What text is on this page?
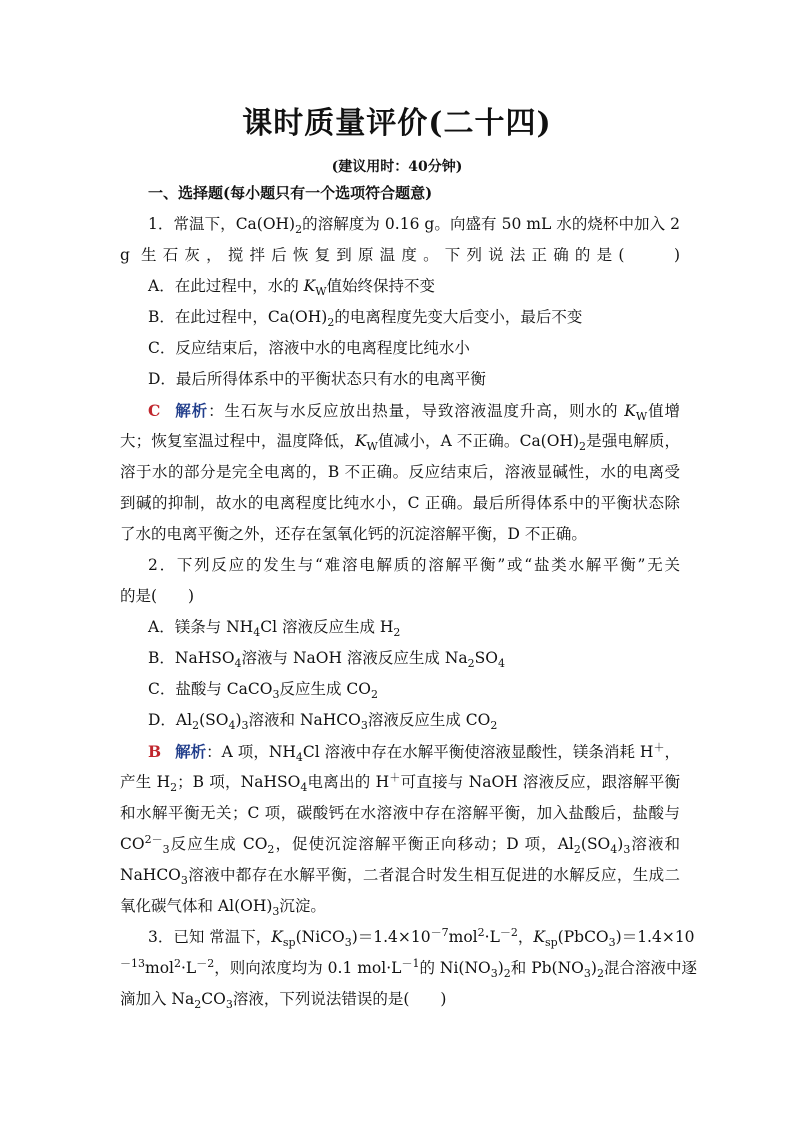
课时质量评价(二十四)
(建议用时：40分钟)
一、选择题(每小题只有一个选项符合题意)
1．常温下，$Ca(OH)_2$的溶解度为 0.16 g。向盛有 50 mL 水的烧杯中加入 2
g 生石灰，搅拌后恢复到原温度。下列说法正确的是(　　)
A．在此过程中，水的 $K_W$值始终保持不变
B．在此过程中，$Ca(OH)_2$的电离程度先变大后变小，最后不变
C．反应结束后，溶液中水的电离程度比纯水小
D．最后所得体系中的平衡状态只有水的电离平衡
C 解析：生石灰与水反应放出热量，导致溶液温度升高，则水的 $K_W$值增
大；恢复室温过程中，温度降低，$K_W$值减小，A 不正确。$Ca(OH)_2$是强电解质，
溶于水的部分是完全电离的，B 不正确。反应结束后，溶液显碱性，水的电离受
到碱的抑制，故水的电离程度比纯水小，C 正确。最后所得体系中的平衡状态除
了水的电离平衡之外，还存在氢氧化钙的沉淀溶解平衡，D 不正确。
2．下列反应的发生与“难溶电解质的溶解平衡”或“盐类水解平衡”无关
的是(　　)
A．镁条与 $NH_4Cl$ 溶液反应生成 $H_2$
B．NaHSO$_4$溶液与 NaOH 溶液反应生成 $Na_2SO_4$
C．盐酸与 CaCO$_3$反应生成 $CO_2$
D．$Al_2(SO_4)_3$溶液和 NaHCO$_3$溶液反应生成 $CO_2$
B 解析：A 项，$NH_4Cl$ 溶液中存在水解平衡使溶液显酸性，镁条消耗 H＋，
产生 $H_2$；B 项，NaHSO$_4$电离出的 H＋可直接与 NaOH 溶液反应，跟溶解平衡
和水解平衡无关；C 项，碳酸钙在水溶液中存在溶解平衡，加入盐酸后，盐酸与
$CO^{2-}_3$反应生成 $CO_2$，促使沉淀溶解平衡正向移动；D 项，$Al_2(SO_4)_3$溶液和
NaHCO$_3$溶液中都存在水解平衡，二者混合时发生相互促进的水解反应，生成二
氧化碳气体和 $Al(OH)_3$沉淀。
3．已知 常温下，$K_{sp}(NiCO_3)=1.4\times 10^{-7}mol^2\cdot L^{-2}$，$K_{sp}(PbCO_3)=1.4\times 10$
$^{-13}mol^2\cdot L^{-2}$，则向浓度均为 0.1 $mol\cdot L^{-1}$的 $Ni(NO_3)_2$和 $Pb(NO_3)_2$混合溶液中逐
滴加入 $Na_2CO_3$溶液，下列说法错误的是(　　)
